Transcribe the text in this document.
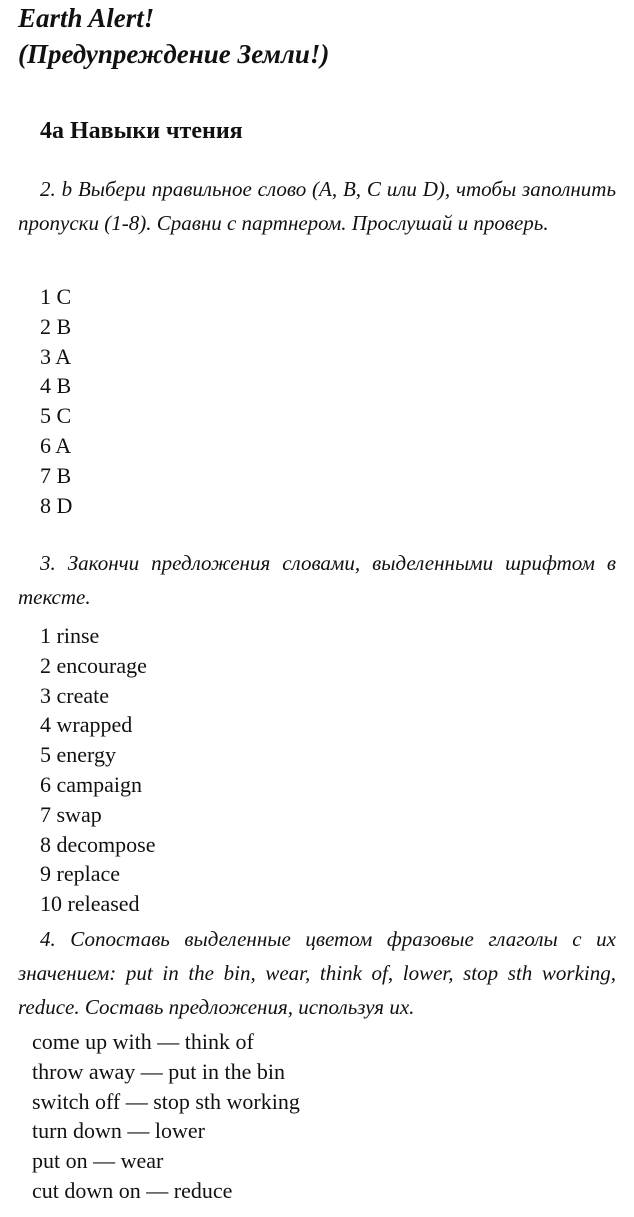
Earth Alert!
(Предупреждение Земли!)
4a Навыки чтения

2. b Выбери правильное слово (A, B, C или D), чтобы заполнить пропуски (1-8). Сравни с партнером. Прослушай и проверь.

1 C
2 B
3 A
4 B
5 C
6 A
7 B
8 D

3. Закончи предложения словами, выделенными шрифтом в тексте.

1 rinse
2 encourage
3 create
4 wrapped
5 energy
6 campaign
7 swap
8 decompose
9 replace
10 released

4. Сопоставь выделенные цветом фразовые глаголы с их значением: put in the bin, wear, think of, lower, stop sth working, reduce. Составь предложения, используя их.

come up with — think of
throw away — put in the bin
switch off — stop sth working
turn down — lower
put on — wear
cut down on — reduce
